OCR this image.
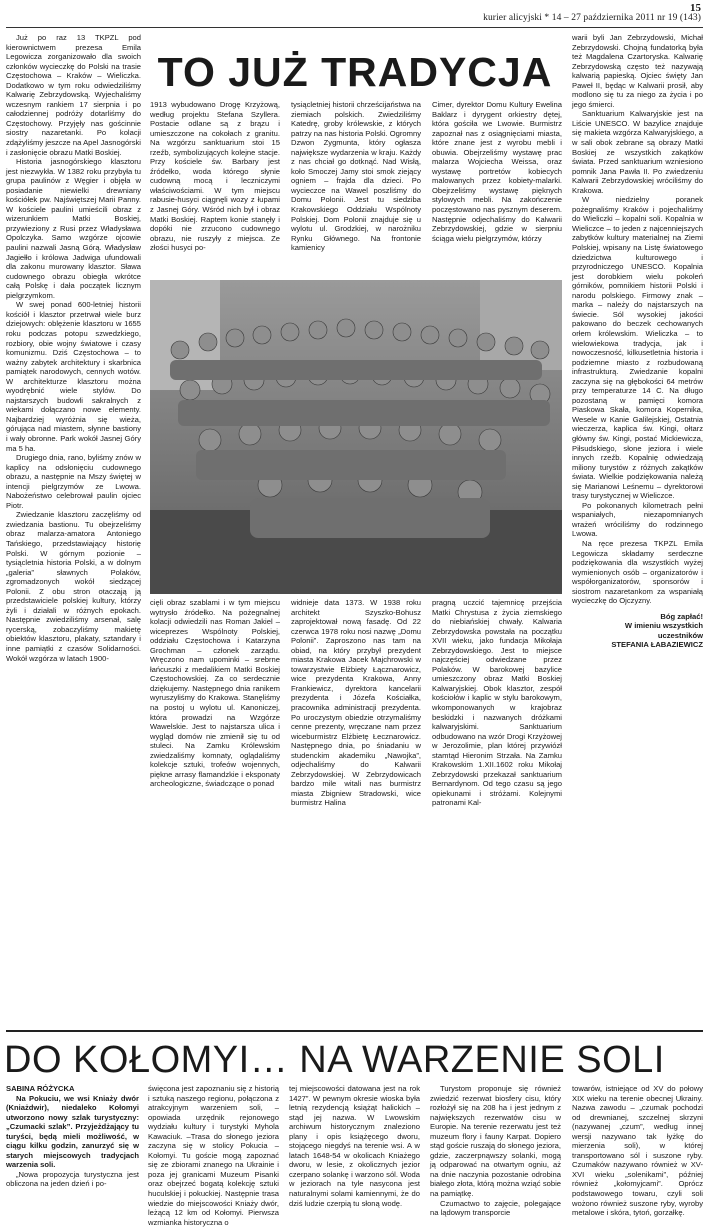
15
kurier alicyjski * 14 – 27 października 2011 nr 19 (143)
TO JUŻ TRADYCJA

Już po raz 13 TKPZL pod kierownictwem prezesa Emila Legowicza zorganizowało dla swoich członków wycieczkę do Polski na trasie Częstochowa – Kraków – Wieliczka. Dodatkowo w tym roku odwiedziliśmy Kalwarię Zebrzydowską. Wyjechaliśmy wczesnym rankiem 17 sierpnia i po całodziennej podróży dotarliśmy do Częstochowy. Przyjęły nas gościnnie siostry nazaretanki. Po kolacji zdążyliśmy jeszcze na Apel Jasnogórski i zasłonięcie obrazu Matki Boskiej.

Historia jasnogórskiego klasztoru jest niezwykła. W 1382 roku przybyła tu grupa paulinów z Węgier i objęła w posiadanie niewielki drewniany kościółek pw. Najświętszej Marii Panny. W kościele paulini umieścili obraz z wizerunkiem Matki Boskiej, przywieziony z Rusi przez Władysława Opolczyka. Samo wzgórze ojcowie paulini nazwali Jasną Górą. Władysław Jagiełło i królowa Jadwiga ufundowali dla zakonu murowany klasztor. Sława cudownego obrazu obiegła wkrótce całą Polskę i dała początek licznym pielgrzymkom.

W swej ponad 600-letniej historii kościół i klasztor przetrwał wiele burz dziejowych: oblężenie klasztoru w 1655 roku podczas potopu szwedzkiego, rozbiory, obie wojny światowe i czasy komunizmu. Dziś Częstochowa – to ważny zabytek architektury i skarbnica pamiątek narodowych, cennych wotów. W architekturze klasztoru można wyodrębnić wiele stylów. Do najstarszych budowli sakralnych z wiekami dołączano nowe elementy. Najbardziej wyróżnia się wieża, górująca nad miastem, słynne bastiony i wały obronne. Park wokół Jasnej Góry ma 5 ha.

Drugiego dnia, rano, byliśmy znów w kaplicy na odsłonięciu cudownego obrazu, a następnie na Mszy świętej w intencji pielgrzymów ze Lwowa. Nabożeństwo celebrował paulin ojciec Piotr.

Zwiedzanie klasztoru zaczęliśmy od zwiedzania bastionu. Tu obejrzeliśmy obraz malarza-amatora Antoniego Tańskiego, przedstawiający historię Polski. W górnym pozionie – tysiącletnia historia Polski, a w dolnym „galeria” sławnych Polaków, zgromadzonych wokół siedzącej Polonii. Z obu stron otaczają ją przedstawiciele polskiej kultury, którzy żyli i działali w różnych epokach. Następnie zwiedziliśmy arsenał, salę rycerską, zobaczyliśmy makietę obiektów klasztoru, plakaty, sztandary i inne pamiątki z czasów Solidarności. Wokół wzgórza w latach 1900-

1913 wybudowano Drogę Krzyżową, według projektu Stefana Szyllera. Postacie odlane są z brązu i umieszczone na cokołach z granitu. Na wzgórzu sanktuarium stoi 15 rzeźb, symbolizujących kolejne stacje. Przy kościele św. Barbary jest źródełko, woda którego słynie cudowną mocą i leczniczymi właściwościami. W tym miejscu rabusie-husyci ciągnęli wozy z łupami z Jasnej Góry. Wśród nich był i obraz Matki Boskiej. Raptem konie stanęły i dopóki nie zrzucono cudownego obrazu, nie ruszyły z miejsca. Ze złości husyci po-

tysiącletniej historii chrześcijaństwa na ziemiach polskich. Zwiedziliśmy Katedrę, groby królewskie, z których patrzy na nas historia Polski. Ogromny Dzwon Zygmunta, który ogłasza największe wydarzenia w kraju. Każdy z nas chciał go dotknąć. Nad Wisłą, koło Smoczej Jamy stoi smok ziejący ogniem – frajda dla dzieci. Po wycieczce na Wawel poszliśmy do Domu Polonii. Jest tu siedziba Krakowskiego Oddziału Wspólnoty Polskiej. Dom Polonii znajduje się u wylotu ul. Grodzkiej, w narożniku Rynku Głównego. Na frontonie kamienicy

Cimer, dyrektor Domu Kultury Ewelina Baklarz i dyrygent orkiestry dętej, która gościła we Lwowie. Burmistrz zapoznał nas z osiągnięciami miasta, które znane jest z wyrobu mebli i obuwia. Obejrzeliśmy wystawę prac malarza Wojciecha Weissa, oraz wystawę portretów kobiecych malowanych przez kobiety-malarki. Obejrzeliśmy wystawę pięknych stylowych mebli. Na zakończenie poczęstowano nas pysznym deserem. Następnie odjechaliśmy do Kalwarii Zebrzydowskiej, gdzie w sierpniu ściąga wielu pielgrzymów, którzy

cięli obraz szablami i w tym miejscu wytrysło źródełko. Na pożegnalnej kolacji odwiedzili nas Roman Jakiel – wiceprezes Wspólnoty Polskiej, oddziału Częstochowa i Katarzyna Grochman – członek zarządu. Wręczono nam upominki – srebrne łańcuszki z medalikiem Matki Boskiej Częstochowskiej. Za co serdecznie dziękujemy. Następnego dnia ranikem wyruszyliśmy do Krakowa. Stanęliśmy na postoj u wylotu ul. Kanoniczej, która prowadzi na Wzgórze Wawelskie. Jest to najstarsza ulica i wygląd domów nie zmienił się tu od stuleci. Na Zamku Królewskim zwiedzaliśmy komnaty, oglądaliśmy kolekcje sztuki, trofeów wojennych, piękne arrasy flamandzkie i eksponaty archeologiczne, świadczące o ponad

widnieje data 1373. W 1938 roku architekt Szyszko-Bohusz zaprojektował nową fasadę. Od 22 czerwca 1978 roku nosi nazwę „Domu Polonii”. Zaproszono nas tam na obiad, na który przybył prezydent miasta Krakowa Jacek Majchrowski w towarzystwie Elżbiety Łącznarowicz, wice prezydenta Krakowa, Anny Frankiewicz, dyrektora kancelarii prezydenta i Józefa Kościałka, pracownika administracji prezydenta. Po uroczystym obiedzie otrzymaliśmy cenne prezenty, wręczane nam przez wiceburmistrz Elżbietę Łecznarowicz. Następnego dnia, po śniadaniu w studenckim akademiku „Nawojka”, odjechaliśmy do Kalwarii Zebrzydowskiej. W Zebrzydowicach bardzo mile witali nas burmistrz miasta Zbigniew Stradowski, wice burmistrz Halina

pragną uczcić tajemnicę przejścia Matki Chrystusa z życia ziemskiego do niebiańskiej chwały. Kalwaria Zebrzydowska powstała na początku XVII wieku, jako fundacja Mikołaja Zebrzydowskiego. Jest to miejsce najczęściej odwiedzane przez Polaków. W barokowej bazylice umieszczony obraz Matki Boskiej Kalwaryjskiej. Obok klasztor, zespół kościołów i kaplic w stylu barokowym, wkomponowanych w krajobraz beskidzki i nazwanych dróżkami kalwaryjskimi. Sanktuarium odbudowano na wzór Drogi Krzyżowej w Jerozolimie, plan której przywiózł stamtąd Hieronim Strzała. Na Zamku Krakowskim 1.XII.1602 roku Mikołaj Zebrzydowski przekazał sanktuarium Bernardynom. Od tego czasu są jego opiekunami i stróżami. Kolejnymi patronami Kal-

warii byli Jan Zebrzydowski, Michał Zebrzydowski. Chojną fundatorką była też Magdalena Czartoryska. Kalwarię Zebrzydowską często też nazywają kalwarią papieską. Ojciec święty Jan Paweł II, będąc w Kalwarii prosił, aby modlono się tu za niego za życia i po jego śmierci.

Sanktuarium Kalwaryjskie jest na Liście UNESCO. W bazylice znajduje się makieta wzgórza Kalwaryjskiego, a w sali obok zebrane są obrazy Matki Boskiej ze wszystkich zakątków świata. Przed sanktuarium wzniesiono pomnik Jana Pawła II. Po zwiedzeniu Kalwarii Zebrzydowskiej wróciliśmy do Krakowa.

W niedzielny poranek pożegnaliśmy Kraków i pojechaliśmy do Wieliczki – kopalni soli. Kopalnia w Wieliczce – to jeden z najcenniejszych zabytków kultury materialnej na Ziemi Polskiej, wpisany na Listę światowego dziedzictwa kulturowego i przyrodniczego UNESCO. Kopalnia jest dorobkiem wielu pokoleń górników, pomnikiem historii Polski i narodu polskiego. Firmowy znak – marka – należy do najstarszych na świecie. Sól wysokiej jakości pakowano do beczek cechowanych orłem królewskim. Wieliczka – to wielowiekowa tradycja, jak i nowoczesność, kilkusetletnia historia i podziemne miasto z rozbudowaną infrastrukturą. Zwiedzanie kopalni zaczyna się na głębokości 64 metrów przy temperaturze 14 C. Na długo pozostaną w pamięci komora Piaskowa Skała, komora Kopernika, Wesele w Kanie Galilejskiej, Ostatnia wieczerza, kaplica św. Kingi, ołtarz główny św. Kingi, postać Mickiewicza, Piłsudskiego, słone jeziora i wiele innych rzeźb. Kopalnię odwiedzają miliony turystów z różnych zakątków świata. Wielkie podziękowania należą się Marianowi Leśnemu – dyrektorowi trasy turystycznej w Wieliczce.

Po pokonanych kilometrach pełni wspaniałych, niezapomnianych wrażeń wróciliśmy do rodzinnego Lwowa.

Na ręce prezesa TKPZL Emila Legowicza składamy serdeczne podziękowania dla wszystkich wyżej wymienionych osób – organizatorów i współorganizatorów, sponsorów i siostrom nazaretankom za wspaniałą wycieczkę do Ojczyzny.

Bóg zapłać!
W imieniu wszystkich
uczestników
STEFANIA ŁABAZIEWICZ
DO KOŁOMYI… NA WARZENIE SOLI
SABINA RÓŻYCKA

Na Pokuciu, we wsi Kniaży dwór (Kniażdwir), niedaleko Kołomyi utworzono nowy szlak turystyczny: „Czumacki szlak”. Przyjeżdżający tu turyści, będą mieli możliwość, w ciągu kilku godzin, zanurzyć się w starych miejscowych tradycjach warzenia soli.

„Nowa propozycja turystyczna jest obliczona na jeden dzień i po-

święcona jest zapoznaniu się z historią i sztuką naszego regionu, połączona z atrakcyjnym warzeniem soli, – opowiada urzędnik rejonowego wydziału kultury i turystyki Myhola Kawaciuk. –Trasa do słonego jeziora zaczyna się w stolicy Pokucia – Kołomyi. Tu goście mogą zapoznać się ze zbiorami znanego na Ukrainie i poza jej granicami Muzeum Pisanki oraz obejrzeć bogatą kolekcję sztuki huculskiej i pokuckiej. Następnie trasa wiedzie do miejscowości Kniaży dwór, leżącą 12 km od Kołomyi. Pierwsza wzmianka historyczna o

tej miejscowości datowana jest na rok 1427”. W pewnym okresie wioska była letnią rezydencją książąt halickich – stąd jej nazwa. W Lwowskim archiwum historycznym znaleziono plany i opis książęcego dworu, stojącego niegdyś na terenie wsi. A w latach 1648-54 w okolicach Kniażego dworu, w lesie, z okolicznych jezior czerpano solankę i warzono sól. Woda w jeziorach na tyle nasycona jest naturalnymi solami kamiennymi, że do dziś ludzie czerpią tu słoną wodę.

Turystom proponuje się również zwiedzić rezerwat biosfery cisu, który rozłożył się na 208 ha i jest jednym z największych rezerwatów cisu w Europie. Na terenie rezerwatu jest też muzeum flory i fauny Karpat. Dopiero stąd goście ruszają do słonego jeziora, gdzie, zaczerpnąwszy solanki, mogą ją odparować na otwartym ogniu, aż na dnie naczynia pozostanie odrobina białego złota, którą można wziąć sobie na pamiątkę.

Czumactwo to zajęcie, polegające na lądowym transporcie

towarów, istniejące od XV do połowy XIX wieku na terenie obecnej Ukrainy. Nazwa zawodu – „czumak pochodzi od drewnianej, szczelnej skrzyni (nazywanej „czum”, według innej wersji nazywano tak łyżkę do mierzenia soli), w której transportowano sól i suszone ryby. Czumaków nazywano również w XV-XVI wieku „solenikami”, później również „kołomyjcami”. Oprócz podstawowego towaru, czyli soli wożono również suszone ryby, wyroby metalowe i skóra, tytoń, gorzałkę.
